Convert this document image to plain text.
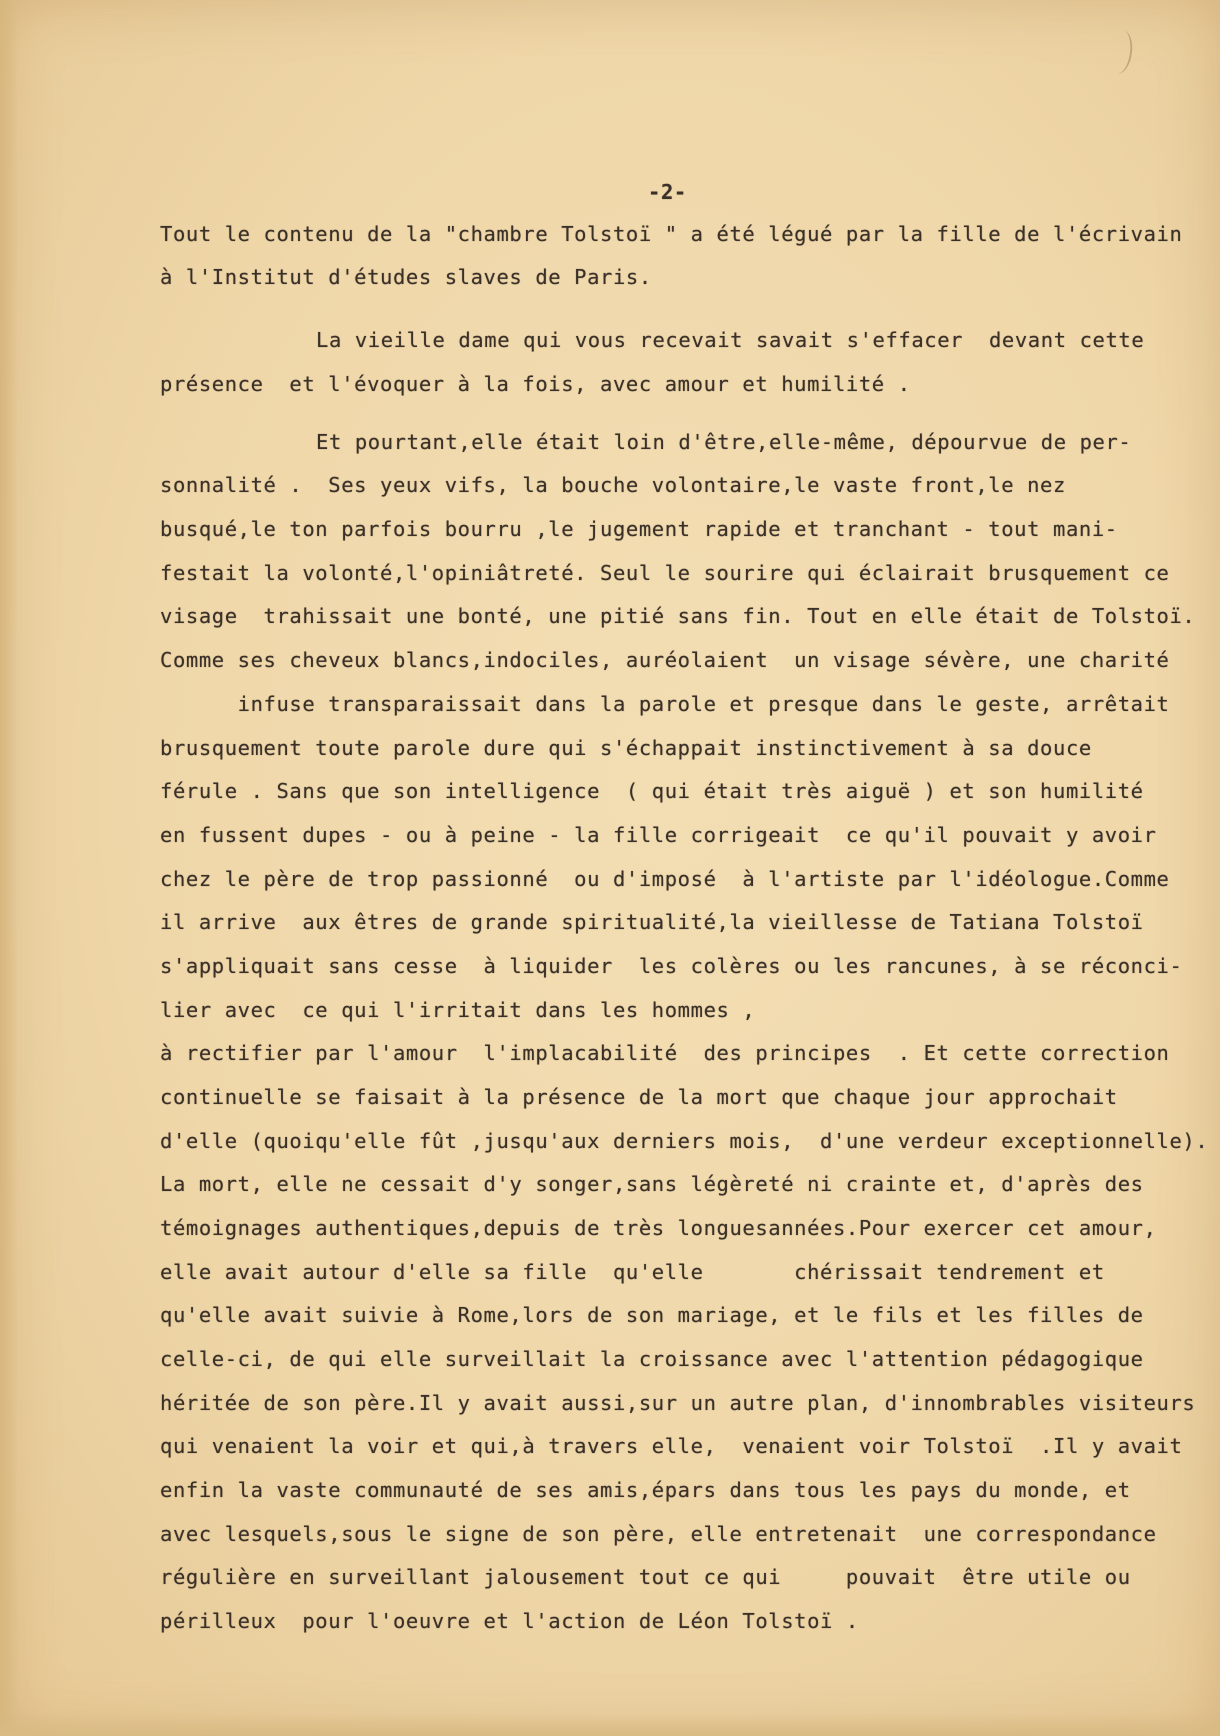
-2-

Tout le contenu de la "chambre Tolstoï " a été légué par la fille de l'écrivain

à l'Institut d'études slaves de Paris.

La vieille dame qui vous recevait savait s'effacer  devant cette

présence  et l'évoquer à la fois, avec amour et humilité .

Et pourtant,elle était loin d'être,elle-même, dépourvue de per-

sonnalité .  Ses yeux vifs, la bouche volontaire,le vaste front,le nez

busqué,le ton parfois bourru ,le jugement rapide et tranchant - tout mani-

festait la volonté,l'opiniâtreté. Seul le sourire qui éclairait brusquement ce

visage  trahissait une bonté, une pitié sans fin. Tout en elle était de Tolstoï.

Comme ses cheveux blancs,indociles, auréolaient  un visage sévère, une charité

infuse transparaissait dans la parole et presque dans le geste, arrêtait

brusquement toute parole dure qui s'échappait instinctivement à sa douce

férule . Sans que son intelligence  ( qui était très aiguë ) et son humilité

en fussent dupes - ou à peine - la fille corrigeait  ce qu'il pouvait y avoir

chez le père de trop passionné  ou d'imposé  à l'artiste par l'idéologue.Comme

il arrive  aux êtres de grande spiritualité,la vieillesse de Tatiana Tolstoï

s'appliquait sans cesse  à liquider  les colères ou les rancunes, à se réconci-

lier avec  ce qui l'irritait dans les hommes ,

à rectifier par l'amour  l'implacabilité  des principes  . Et cette correction

continuelle se faisait à la présence de la mort que chaque jour approchait

d'elle (quoiqu'elle fût ,jusqu'aux derniers mois,  d'une verdeur exceptionnelle).

La mort, elle ne cessait d'y songer,sans légèreté ni crainte et, d'après des

témoignages authentiques,depuis de très longuesannées.Pour exercer cet amour,

elle avait autour d'elle sa fille  qu'elle       chérissait tendrement et

qu'elle avait suivie à Rome,lors de son mariage, et le fils et les filles de

celle-ci, de qui elle surveillait la croissance avec l'attention pédagogique

héritée de son père.Il y avait aussi,sur un autre plan, d'innombrables visiteurs

qui venaient la voir et qui,à travers elle,  venaient voir Tolstoï  .Il y avait

enfin la vaste communauté de ses amis,épars dans tous les pays du monde, et

avec lesquels,sous le signe de son père, elle entretenait  une correspondance

régulière en surveillant jalousement tout ce qui     pouvait  être utile ou

périlleux  pour l'oeuvre et l'action de Léon Tolstoï .
